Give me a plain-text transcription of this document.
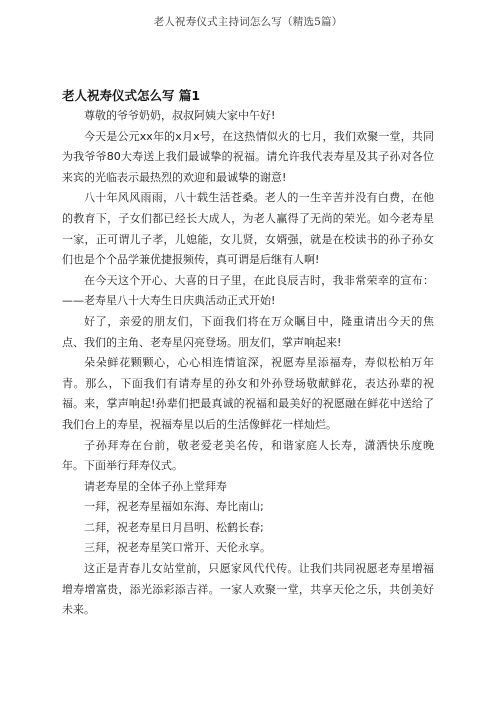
老人祝寿仪式主持词怎么写（精选5篇）
老人祝寿仪式怎么写 篇1

尊敬的爷爷奶奶，叔叔阿姨大家中午好!

今天是公元xx年的x月x号，在这热情似火的七月，我们欢聚一堂，共同为我爷爷80大寿送上我们最诚挚的祝福。请允许我代表寿星及其子孙对各位来宾的光临表示最热烈的欢迎和最诚挚的谢意!

八十年风风雨雨，八十载生活苍桑。老人的一生辛苦并没有白费，在他的教育下，子女们都已经长大成人，为老人赢得了无尚的荣光。如今老寿星一家，正可谓儿子孝，儿媳能，女儿贤，女婿强，就是在校读书的孙子孙女们也是个个品学兼优捷报频传，真可谓是后继有人啊!

在今天这个开心、大喜的日子里，在此良辰吉时，我非常荣幸的宣布：——老寿星八十大寿生日庆典活动正式开始!

好了，亲爱的朋友们，下面我们将在万众瞩目中，隆重请出今天的焦点、我们的主角、老寿星闪亮登场。朋友们，掌声响起来!

朵朵鲜花颗颗心，心心相连情谊深，祝愿寿星添福寿，寿似松柏万年青。那么，下面我们有请寿星的孙女和外孙登场敬献鲜花，表达孙辈的祝福。来，掌声响起!孙辈们把最真诚的祝福和最美好的祝愿融在鲜花中送给了我们台上的寿星，祝福寿星以后的生活像鲜花一样灿烂。

子孙拜寿在台前，敬老爱老美名传，和谐家庭人长寿，潇洒快乐度晚年。下面举行拜寿仪式。

请老寿星的全体子孙上堂拜寿

一拜，祝老寿星福如东海、寿比南山;

二拜，祝老寿星日月昌明、松鹤长春;

三拜，祝老寿星笑口常开、天伦永享。

这正是青春儿女站堂前，只愿家风代代传。让我们共同祝愿老寿星增福增寿增富贵，添光添彩添吉祥。一家人欢聚一堂，共享天伦之乐，共创美好未来。
